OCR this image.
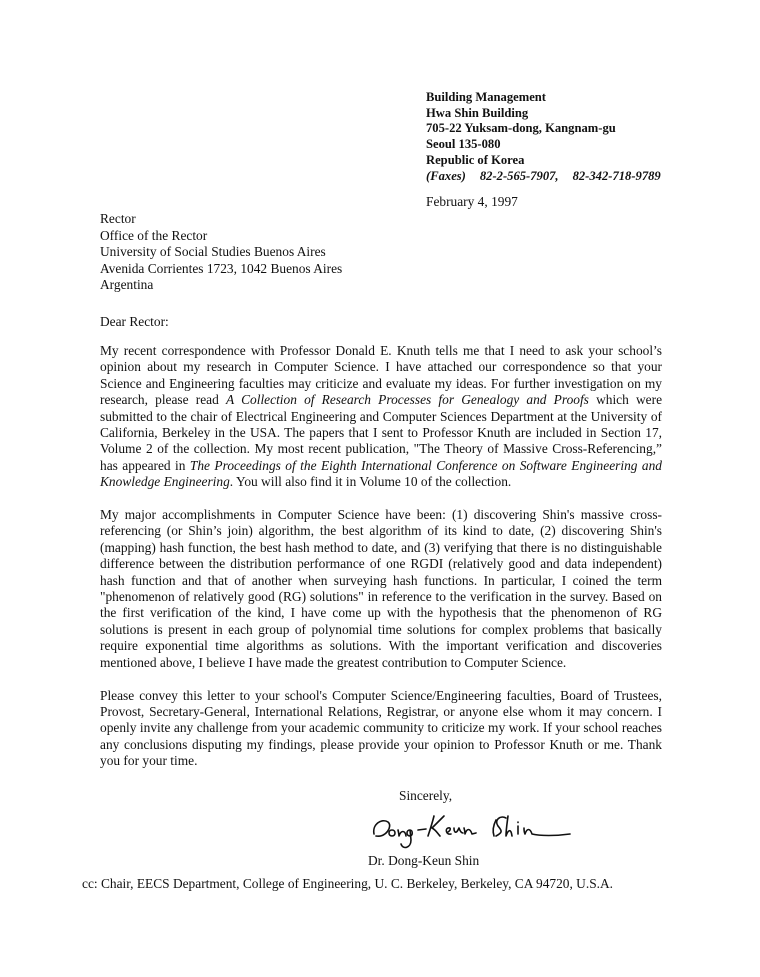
Building Management
Hwa Shin Building
705-22 Yuksam-dong, Kangnam-gu
Seoul 135-080
Republic of Korea
(Faxes) 82-2-565-7907, 82-342-718-9789
February 4, 1997
Rector
Office of the Rector
University of Social Studies Buenos Aires
Avenida Corrientes 1723, 1042 Buenos Aires
Argentina
Dear Rector:

My recent correspondence with Professor Donald E. Knuth tells me that I need to ask your school’s opinion about my research in Computer Science. I have attached our correspondence so that your Science and Engineering faculties may criticize and evaluate my ideas. For further investigation on my research, please read A Collection of Research Processes for Genealogy and Proofs which were submitted to the chair of Electrical Engineering and Computer Sciences Department at the University of California, Berkeley in the USA. The papers that I sent to Professor Knuth are included in Section 17, Volume 2 of the collection. My most recent publication, "The Theory of Massive Cross-Referencing,” has appeared in The Proceedings of the Eighth International Conference on Software Engineering and Knowledge Engineering. You will also find it in Volume 10 of the collection.

My major accomplishments in Computer Science have been: (1) discovering Shin's massive cross-referencing (or Shin’s join) algorithm, the best algorithm of its kind to date, (2) discovering Shin's (mapping) hash function, the best hash method to date, and (3) verifying that there is no distinguishable difference between the distribution performance of one RGDI (relatively good and data independent) hash function and that of another when surveying hash functions. In particular, I coined the term "phenomenon of relatively good (RG) solutions" in reference to the verification in the survey. Based on the first verification of the kind, I have come up with the hypothesis that the phenomenon of RG solutions is present in each group of polynomial time solutions for complex problems that basically require exponential time algorithms as solutions. With the important verification and discoveries mentioned above, I believe I have made the greatest contribution to Computer Science.

Please convey this letter to your school's Computer Science/Engineering faculties, Board of Trustees, Provost, Secretary-General, International Relations, Registrar, or anyone else whom it may concern. I openly invite any challenge from your academic community to criticize my work. If your school reaches any conclusions disputing my findings, please provide your opinion to Professor Knuth or me. Thank you for your time.

Sincerely,
Dr. Dong-Keun Shin
cc: Chair, EECS Department, College of Engineering, U. C. Berkeley, Berkeley, CA 94720, U.S.A.
